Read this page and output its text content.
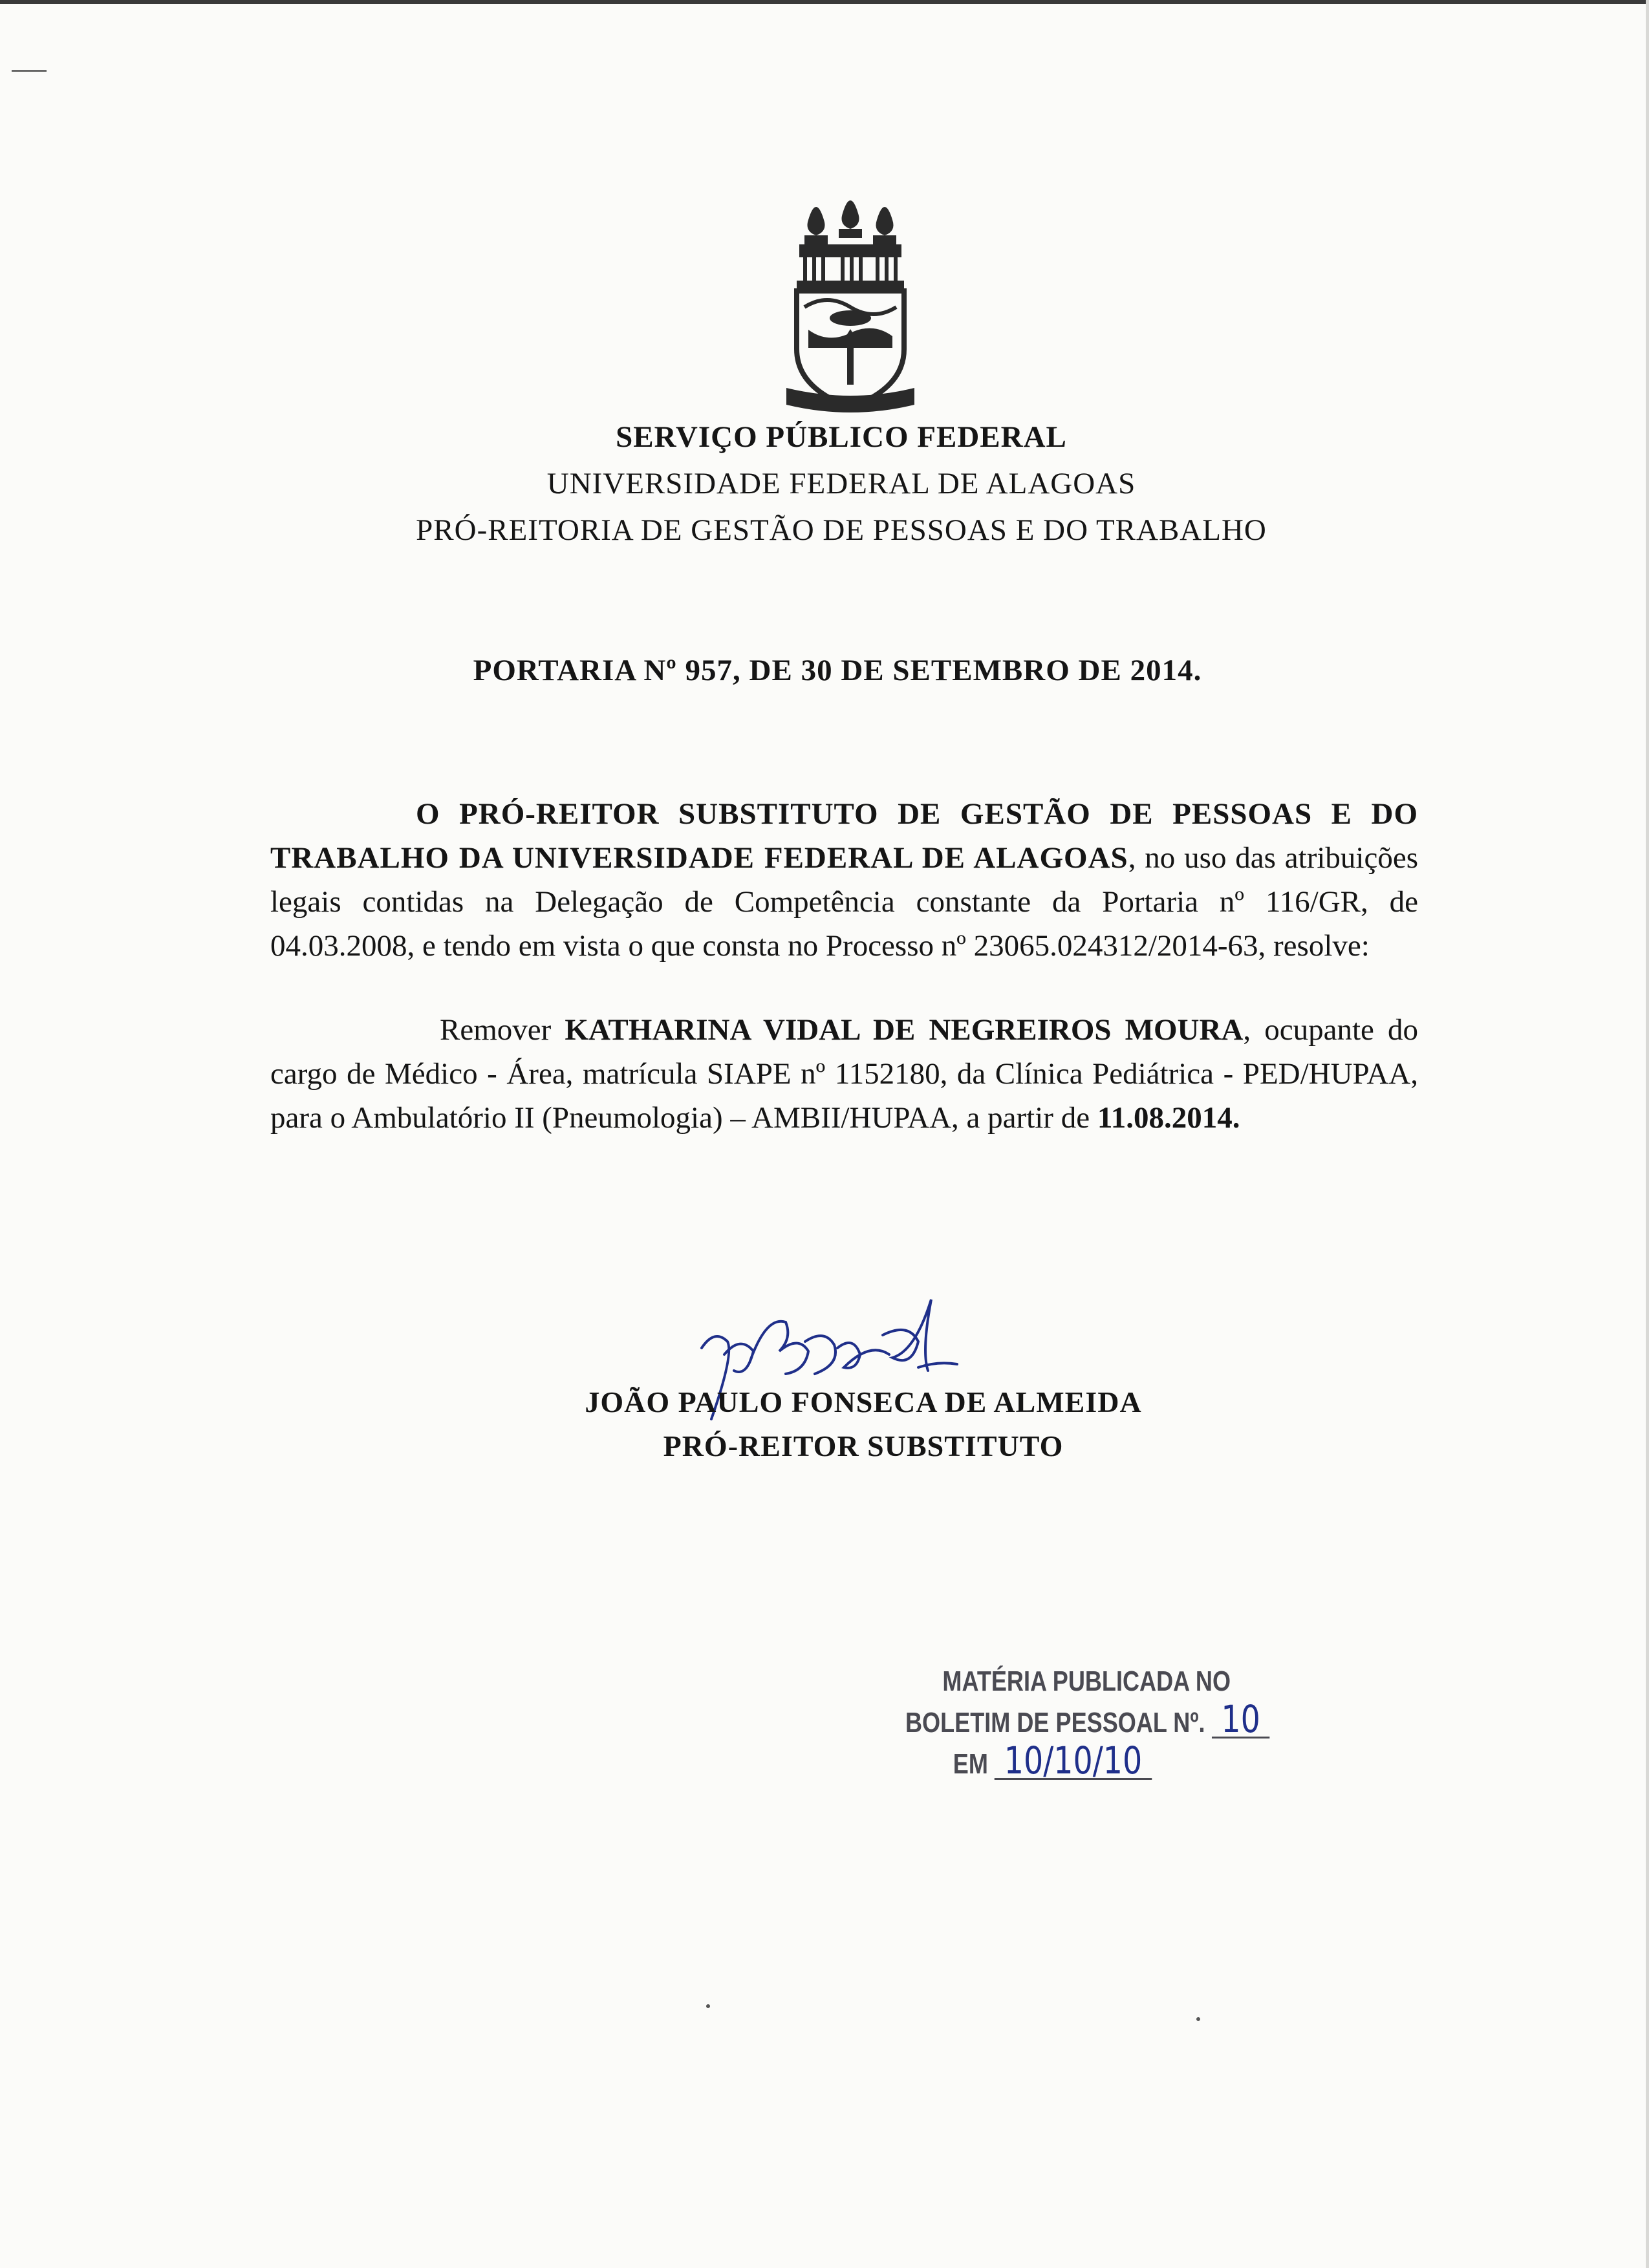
SERVIÇO PÚBLICO FEDERAL
UNIVERSIDADE FEDERAL DE ALAGOAS
PRÓ-REITORIA DE GESTÃO DE PESSOAS E DO TRABALHO
PORTARIA Nº 957, DE 30 DE SETEMBRO DE 2014.

O PRÓ-REITOR SUBSTITUTO DE GESTÃO DE PESSOAS E DO TRABALHO DA UNIVERSIDADE FEDERAL DE ALAGOAS, no uso das atribuições legais contidas na Delegação de Competência constante da Portaria nº 116/GR, de 04.03.2008, e tendo em vista o que consta no Processo nº 23065.024312/2014-63, resolve:

Remover KATHARINA VIDAL DE NEGREIROS MOURA, ocupante do cargo de Médico - Área, matrícula SIAPE nº 1152180, da Clínica Pediátrica - PED/HUPAA, para o Ambulatório II (Pneumologia) – AMBII/HUPAA, a partir de 11.08.2014.

JOÃO PAULO FONSECA DE ALMEIDA
PRÓ-REITOR SUBSTITUTO
MATÉRIA PUBLICADA NO
BOLETIM DE PESSOAL Nº. 10
EM 10/10/10
